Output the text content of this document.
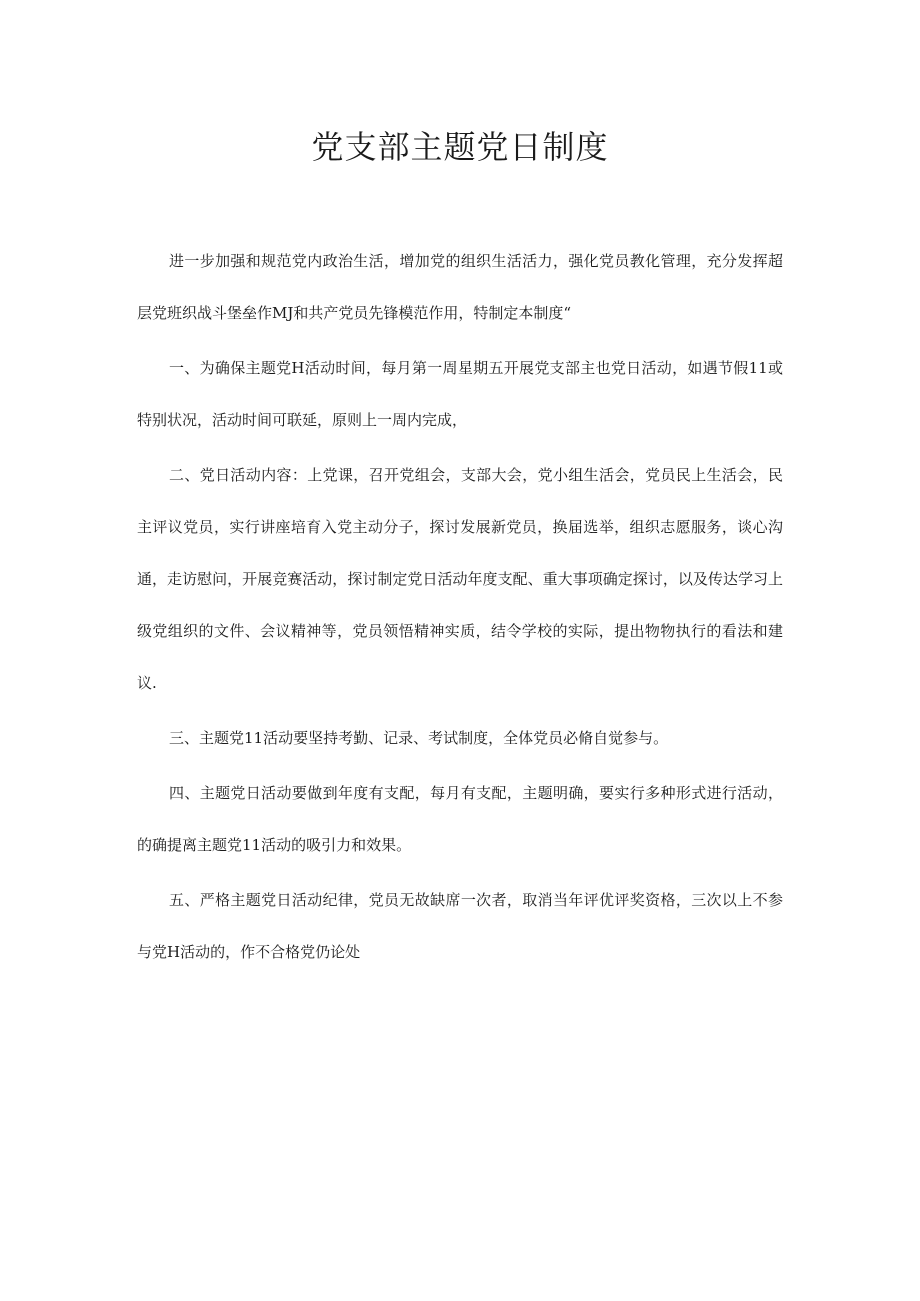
党支部主题党日制度

进一步加强和规范党内政治生活，增加党的组织生活活力，强化党员教化管理，充分发挥超层党班织战斗堡垒作MJ和共产党员先锋模范作用，特制定本制度“

一、为确保主题党H活动时间，每月第一周星期五开展党支部主也党日活动，如遇节假11或特别状况，活动时间可联延，原则上一周内完成，

二、党日活动内容：上党课，召开党组会，支部大会，党小组生活会，党员民上生活会，民主评议党员，实行讲座培育入党主动分子，探讨发展新党员，换届选举，组织志愿服务，谈心沟通，走访慰问，开展竞赛活动，探讨制定党日活动年度支配、重大事项确定探讨，以及传达学习上级党组织的文件、会议精神等，党员领悟精神实质，结令学校的实际，提出物物执行的看法和建议.

三、主题党11活动要坚持考勤、记录、考试制度，全体党员必脩自觉参与。

四、主题党日活动要做到年度有支配，每月有支配，主题明确，要实行多种形式进行活动，的确提离主题党11活动的吸引力和效果。

五、严格主题党日活动纪律，党员无故缺席一次者，取消当年评优评奖资格，三次以上不参与党H活动的，作不合格党仍论处
